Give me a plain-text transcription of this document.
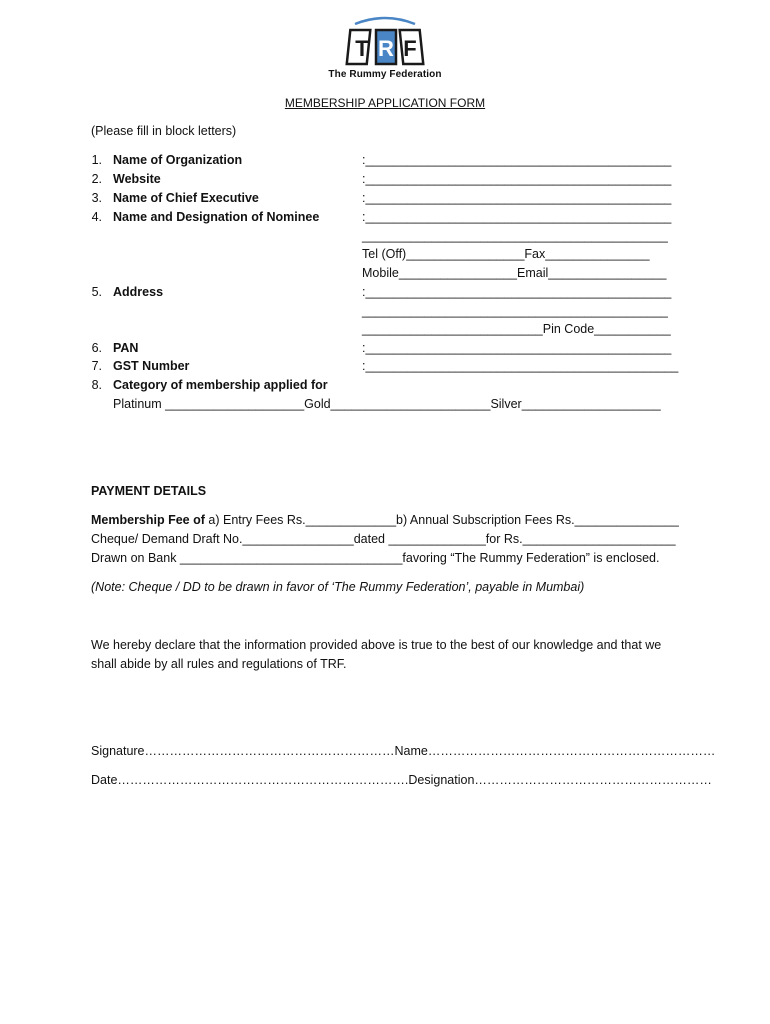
T R F
The Rummy Federation
MEMBERSHIP APPLICATION FORM
(Please fill in block letters)
1. Name of Organization	:____________________________________________
2. Website	:____________________________________________
3. Name of Chief Executive	:____________________________________________
4. Name and Designation of Nominee	:____________________________________________
____________________________________________
Tel (Off)_________________Fax_______________
Mobile_________________Email_________________
5. Address	:____________________________________________
____________________________________________
__________________________Pin Code___________
6. PAN	:____________________________________________
7. GST Number	:_____________________________________________
8. Category of membership applied for
Platinum ____________________Gold_______________________Silver____________________
PAYMENT DETAILS
Membership Fee of a) Entry Fees Rs._____________b) Annual Subscription Fees Rs._______________
Cheque/ Demand Draft No.________________dated ______________for Rs.______________________
Drawn on Bank ________________________________favoring “The Rummy Federation” is enclosed.
(Note: Cheque / DD to be drawn in favor of ‘The Rummy Federation’, payable in Mumbai)
We hereby declare that the information provided above is true to the best of our knowledge and that we shall abide by all rules and regulations of TRF.
Signature……………………………………………………Name……………………………………………………………
Date…………………………………………………………….Designation…………………………………………………
